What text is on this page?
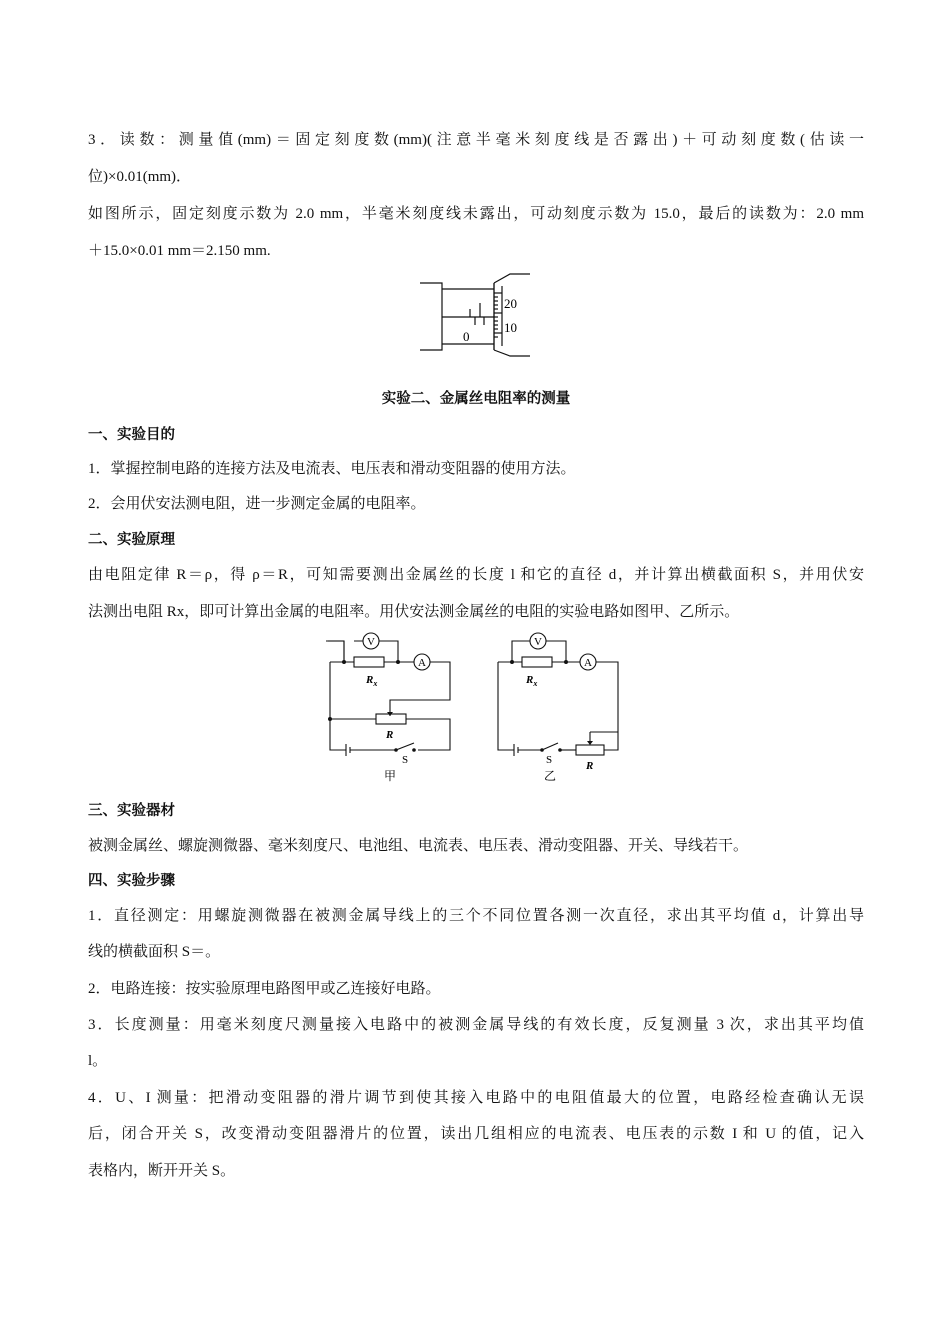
3．读数：测量值(mm)＝固定刻度数(mm)(注意半毫米刻度线是否露出)＋可动刻度数(估读一
位)×0.01(mm)．
如图所示，固定刻度示数为 2.0 mm，半毫米刻度线未露出，可动刻度示数为 15.0，最后的读数为：2.0 mm
＋15.0×0.01 mm＝2.150 mm.
20
10
0
实验二、金属丝电阻率的测量
一、实验目的
1．掌握控制电路的连接方法及电流表、电压表和滑动变阻器的使用方法。
2．会用伏安法测电阻，进一步测定金属的电阻率。
二、实验原理
由电阻定律 R＝ρ，得 ρ＝R，可知需要测出金属丝的长度 l 和它的直径 d，并计算出横截面积 S，并用伏安
法测出电阻 Rx，即可计算出金属的电阻率。用伏安法测金属丝的电阻的实验电路如图甲、乙所示。
V
A
$R_x$
R
S
甲
V
A
$R_x$
R
S
乙
三、实验器材
被测金属丝、螺旋测微器、毫米刻度尺、电池组、电流表、电压表、滑动变阻器、开关、导线若干。
四、实验步骤
1．直径测定：用螺旋测微器在被测金属导线上的三个不同位置各测一次直径，求出其平均值 d，计算出导
线的横截面积 S＝。
2．电路连接：按实验原理电路图甲或乙连接好电路。
3．长度测量：用毫米刻度尺测量接入电路中的被测金属导线的有效长度，反复测量 3 次，求出其平均值
l。
4．U、I 测量：把滑动变阻器的滑片调节到使其接入电路中的电阻值最大的位置，电路经检查确认无误
后，闭合开关 S，改变滑动变阻器滑片的位置，读出几组相应的电流表、电压表的示数 I 和 U 的值，记入
表格内，断开开关 S。
